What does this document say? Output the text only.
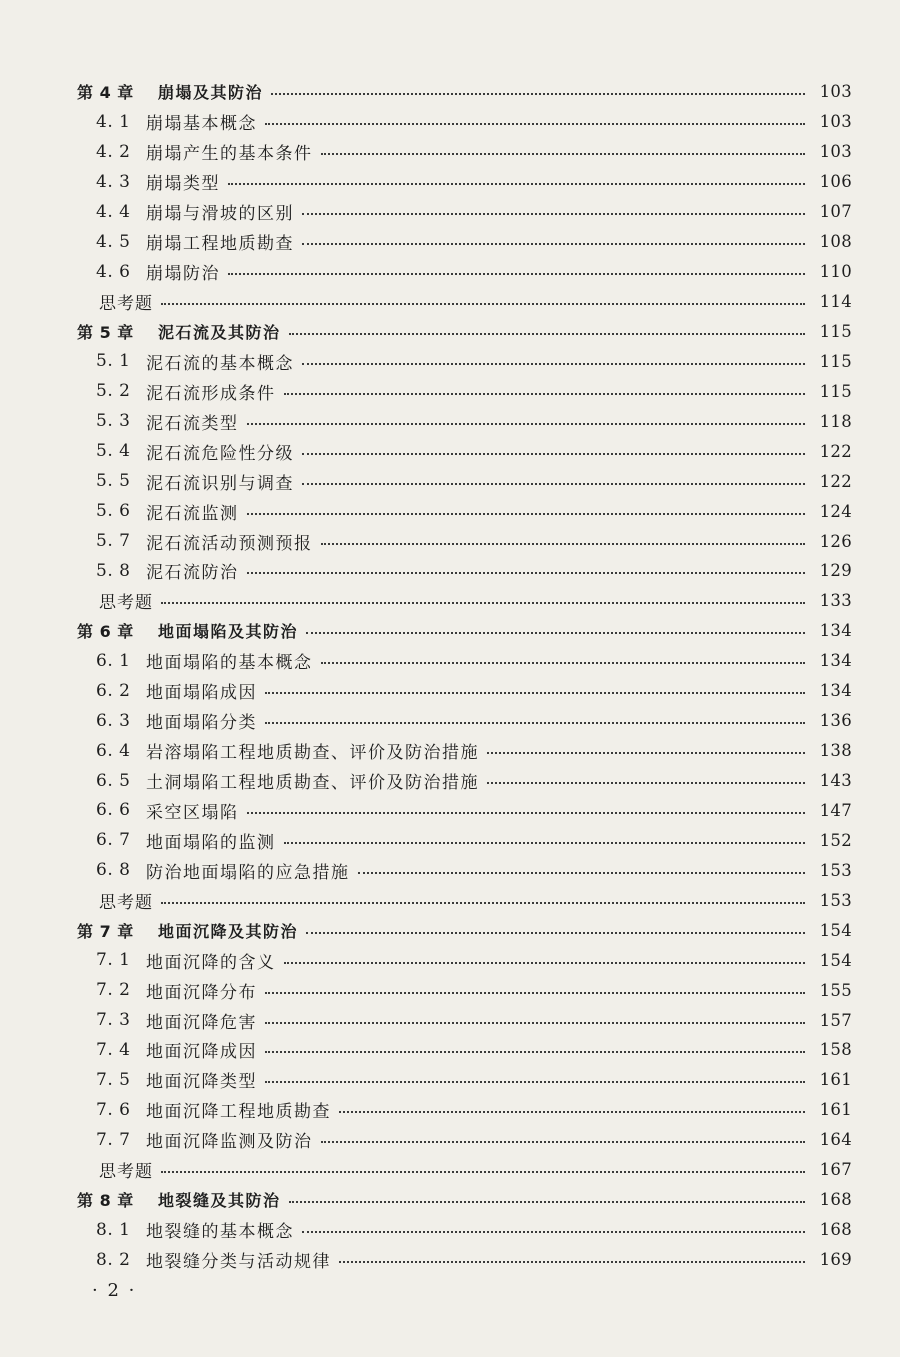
第 4 章 崩塌及其防治	103
4. 1 崩塌基本概念	103
4. 2 崩塌产生的基本条件	103
4. 3 崩塌类型	106
4. 4 崩塌与滑坡的区别	107
4. 5 崩塌工程地质勘查	108
4. 6 崩塌防治	110
思考题	114
第 5 章 泥石流及其防治	115
5. 1 泥石流的基本概念	115
5. 2 泥石流形成条件	115
5. 3 泥石流类型	118
5. 4 泥石流危险性分级	122
5. 5 泥石流识别与调查	122
5. 6 泥石流监测	124
5. 7 泥石流活动预测预报	126
5. 8 泥石流防治	129
思考题	133
第 6 章 地面塌陷及其防治	134
6. 1 地面塌陷的基本概念	134
6. 2 地面塌陷成因	134
6. 3 地面塌陷分类	136
6. 4 岩溶塌陷工程地质勘查、评价及防治措施	138
6. 5 土洞塌陷工程地质勘查、评价及防治措施	143
6. 6 采空区塌陷	147
6. 7 地面塌陷的监测	152
6. 8 防治地面塌陷的应急措施	153
思考题	153
第 7 章 地面沉降及其防治	154
7. 1 地面沉降的含义	154
7. 2 地面沉降分布	155
7. 3 地面沉降危害	157
7. 4 地面沉降成因	158
7. 5 地面沉降类型	161
7. 6 地面沉降工程地质勘查	161
7. 7 地面沉降监测及防治	164
思考题	167
第 8 章 地裂缝及其防治	168
8. 1 地裂缝的基本概念	168
8. 2 地裂缝分类与活动规律	169
· 2 ·
